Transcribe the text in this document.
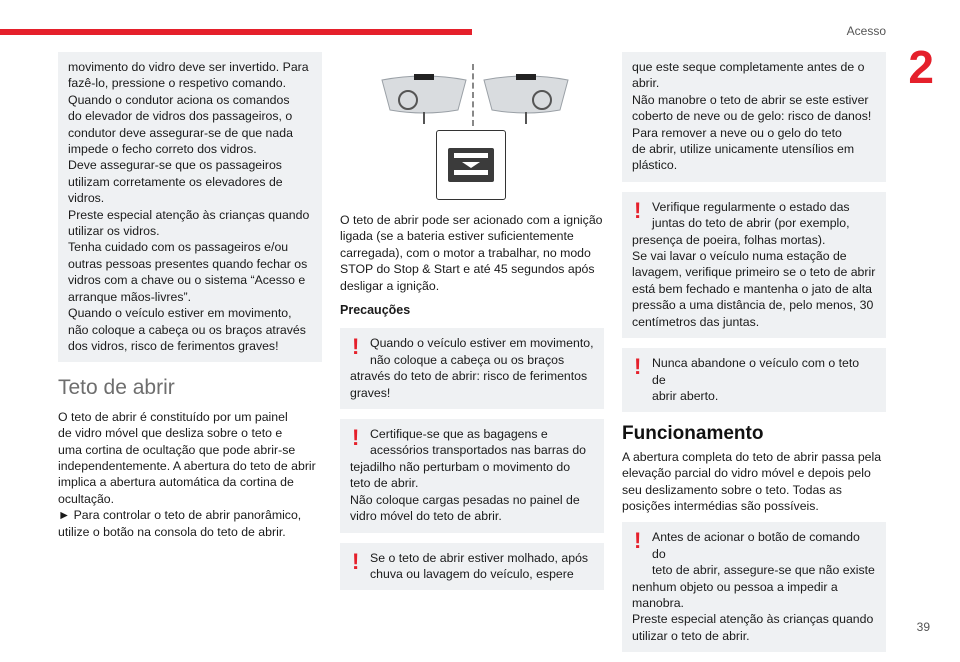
Acesso
2
39

movimento do vidro deve ser invertido. Para fazê-lo, pressione o respetivo comando.
Quando o condutor aciona os comandos
do elevador de vidros dos passageiros, o condutor deve assegurar-se de que nada impede o fecho correto dos vidros.
Deve assegurar-se que os passageiros utilizam corretamente os elevadores de vidros.
Preste especial atenção às crianças quando utilizar os vidros.
Tenha cuidado com os passageiros e/ou outras pessoas presentes quando fechar os vidros com a chave ou o sistema “Acesso e arranque mãos-livres”.
Quando o veículo estiver em movimento, não coloque a cabeça ou os braços através dos vidros, risco de ferimentos graves!

Teto de abrir

O teto de abrir é constituído por um painel
de vidro móvel que desliza sobre o teto e
uma cortina de ocultação que pode abrir-se independentemente. A abertura do teto de abrir implica a abertura automática da cortina de ocultação.
► Para controlar o teto de abrir panorâmico, utilize o botão na consola do teto de abrir.

O teto de abrir pode ser acionado com a ignição ligada (se a bateria estiver suficientemente carregada), com o motor a trabalhar, no modo STOP do Stop & Start e até 45 segundos após desligar a ignição.

Precauções
! Quando o veículo estiver em movimento,
não coloque a cabeça ou os braços

através do teto de abrir: risco de ferimentos graves!

! Certifique-se que as bagagens e
acessórios transportados nas barras do

tejadilho não perturbam o movimento do teto de abrir.
Não coloque cargas pesadas no painel de vidro móvel do teto de abrir.

! Se o teto de abrir estiver molhado, após
chuva ou lavagem do veículo, espere

que este seque completamente antes de o abrir.
Não manobre o teto de abrir se este estiver coberto de neve ou de gelo: risco de danos!
Para remover a neve ou o gelo do teto
de abrir, utilize unicamente utensílios em plástico.

! Verifique regularmente o estado das
juntas do teto de abrir (por exemplo,

presença de poeira, folhas mortas).
Se vai lavar o veículo numa estação de lavagem, verifique primeiro se o teto de abrir está bem fechado e mantenha o jato de alta pressão a uma distância de, pelo menos, 30 centímetros das juntas.

! Nunca abandone o veículo com o teto de
abrir aberto.

Funcionamento

A abertura completa do teto de abrir passa pela elevação parcial do vidro móvel e depois pelo seu deslizamento sobre o teto. Todas as posições intermédias são possíveis.

! Antes de acionar o botão de comando do
teto de abrir, assegure-se que não existe

nenhum objeto ou pessoa a impedir a manobra.
Preste especial atenção às crianças quando utilizar o teto de abrir.
